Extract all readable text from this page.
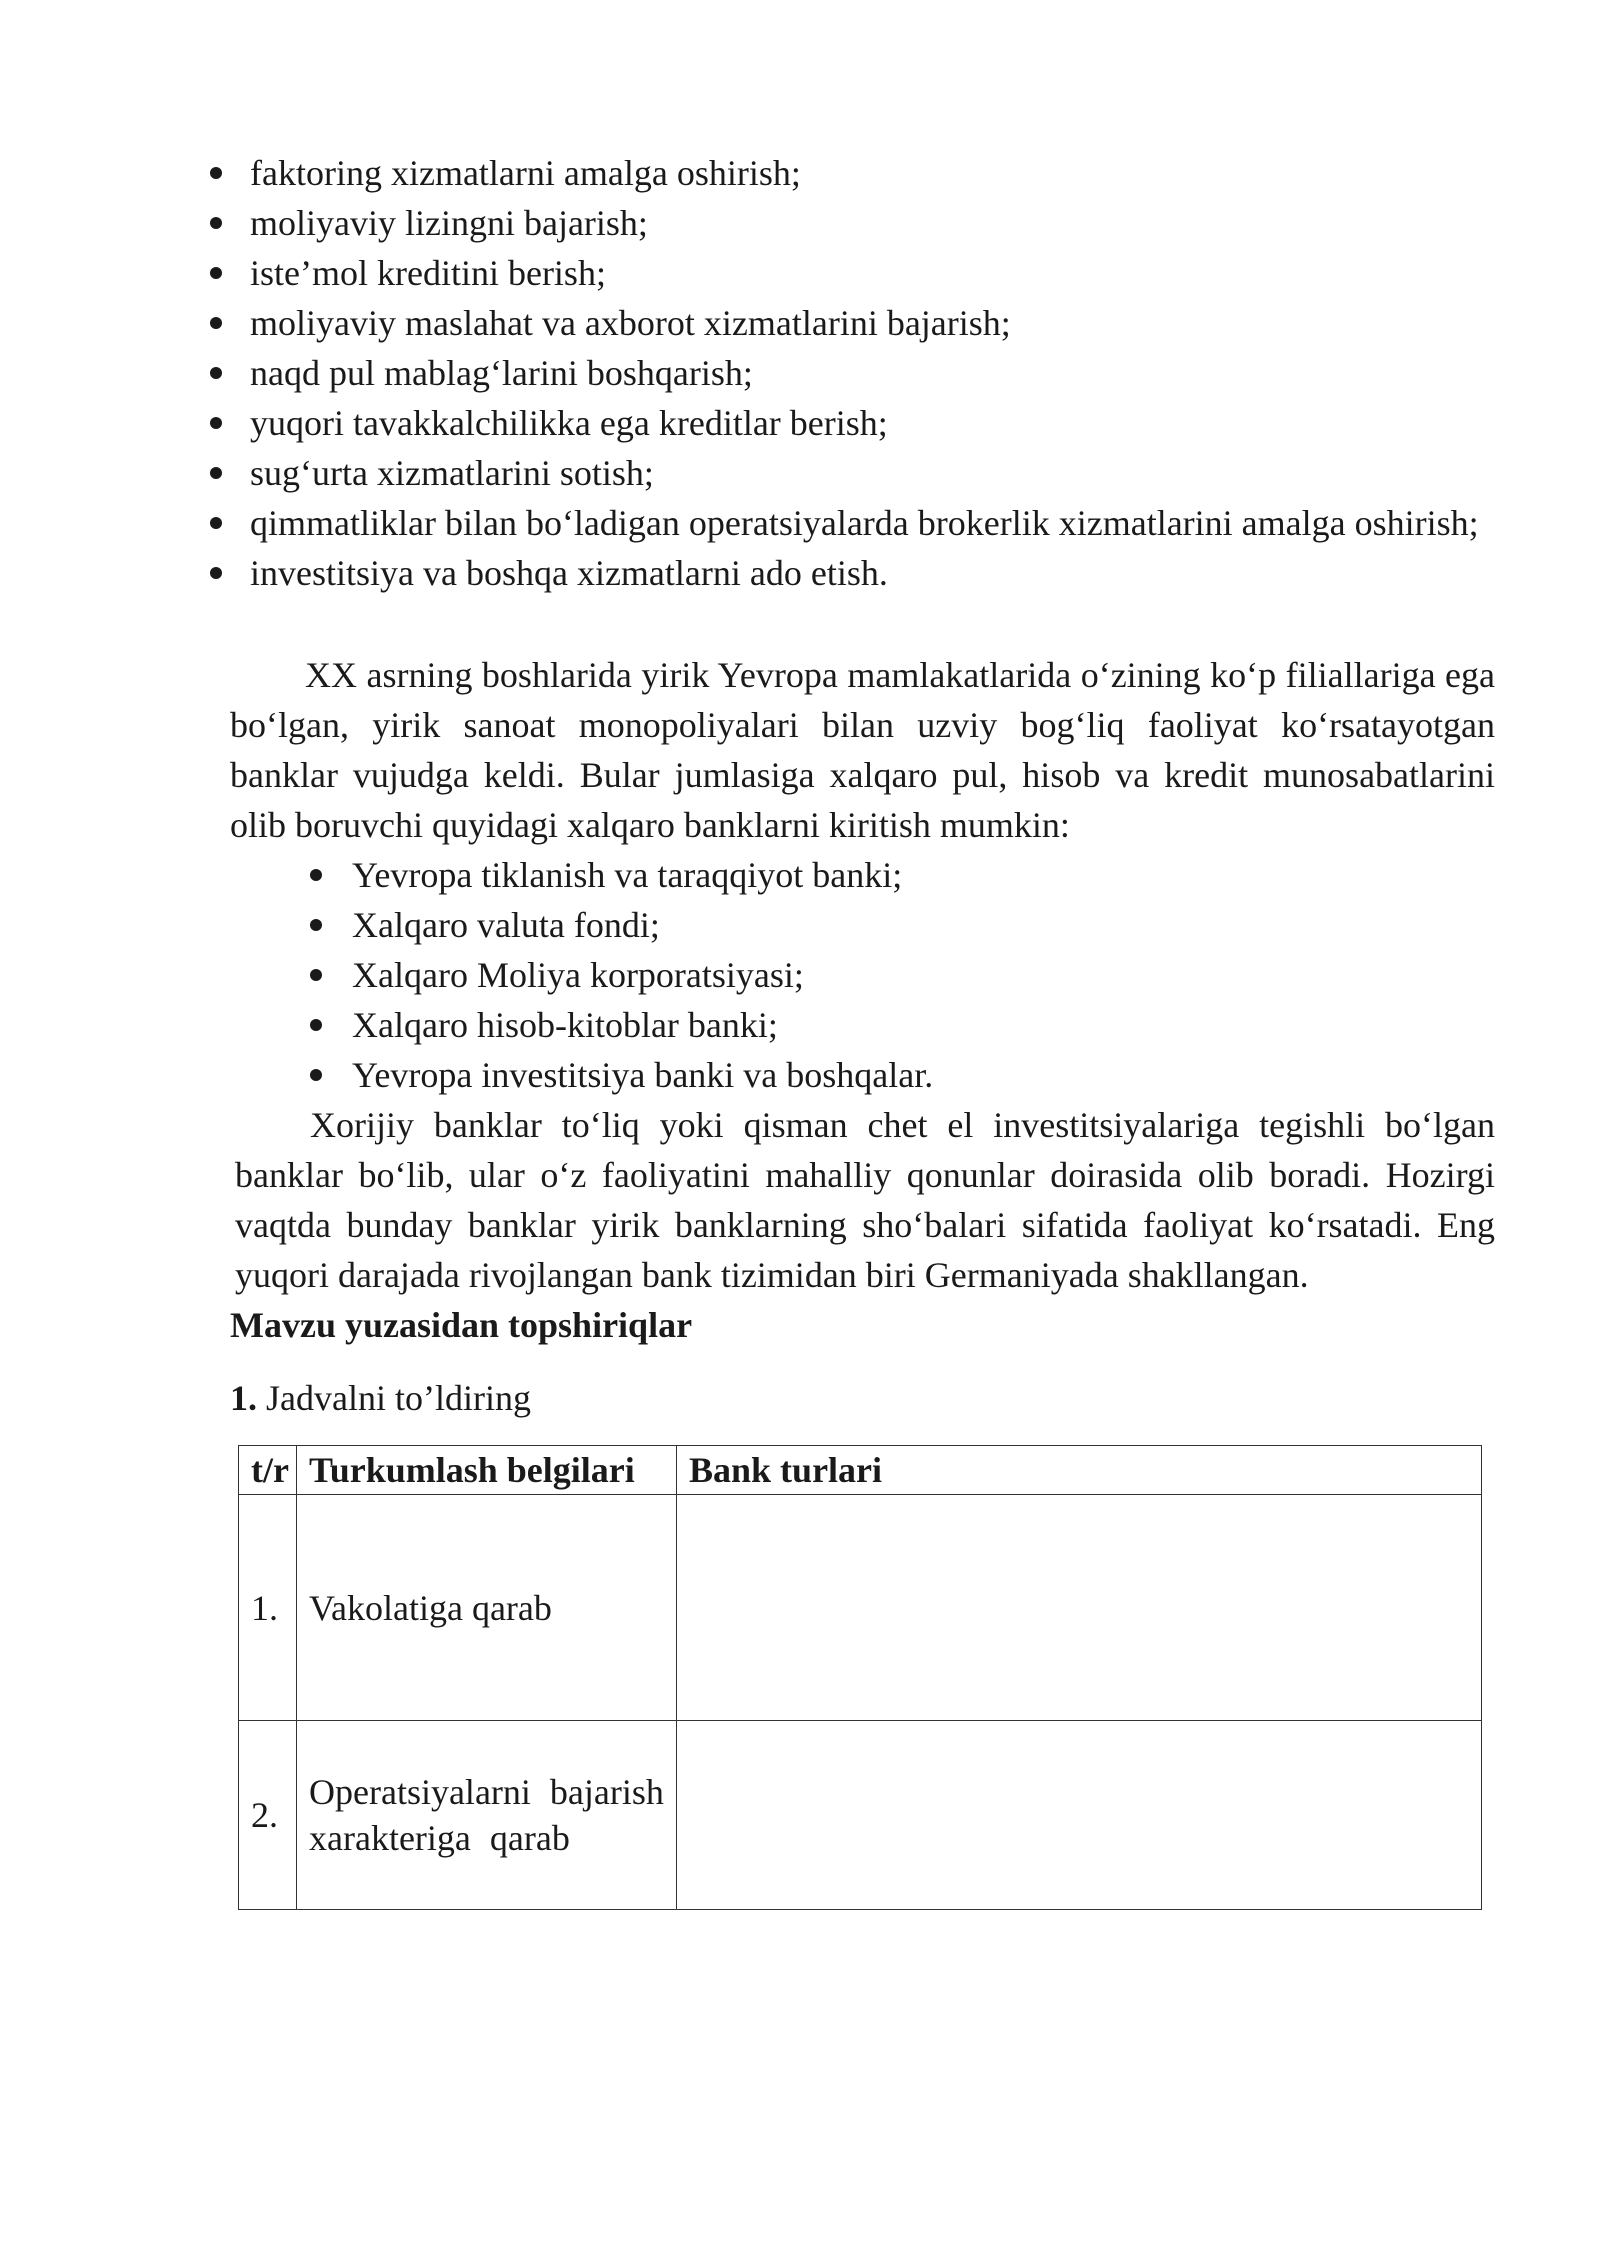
faktoring xizmatlarni amalga oshirish;
moliyaviy lizingni bajarish;
iste’mol kreditini berish;
moliyaviy maslahat va axborot xizmatlarini bajarish;
naqd pul mablag‘larini boshqarish;
yuqori tavakkalchilikka ega kreditlar berish;
sug‘urta xizmatlarini sotish;
qimmatliklar bilan bo‘ladigan operatsiyalarda brokerlik xizmatlarini amalga oshirish;
investitsiya va boshqa xizmatlarni ado etish.

XX asrning boshlarida yirik Yevropa mamlakatlarida o‘zining ko‘p filiallariga ega bo‘lgan, yirik sanoat monopoliyalari bilan uzviy bog‘liq faoliyat ko‘rsatayotgan banklar vujudga keldi. Bular jumlasiga xalqaro pul, hisob va kredit munosabatlarini olib boruvchi quyidagi xalqaro banklarni kiritish mumkin:

Yevropa tiklanish va taraqqiyot banki;
Xalqaro valuta fondi;
Xalqaro Moliya korporatsiyasi;
Xalqaro hisob-kitoblar banki;
Yevropa investitsiya banki va boshqalar.

Xorijiy banklar to‘liq yoki qisman chet el investitsiyalariga tegishli bo‘lgan banklar bo‘lib, ular o‘z faoliyatini mahalliy qonunlar doirasida olib boradi. Hozirgi vaqtda bunday banklar yirik banklarning sho‘balari sifatida faoliyat ko‘rsatadi. Eng yuqori darajada rivojlangan bank tizimidan biri Germaniyada shakllangan.

Mavzu yuzasidan topshiriqlar

1. Jadvalni to’ldiring

t/r	Turkumlash belgilari	Bank turlari
1.	Vakolatiga qarab	
2.	Operatsiyalarni bajarish xarakteriga qarab	
